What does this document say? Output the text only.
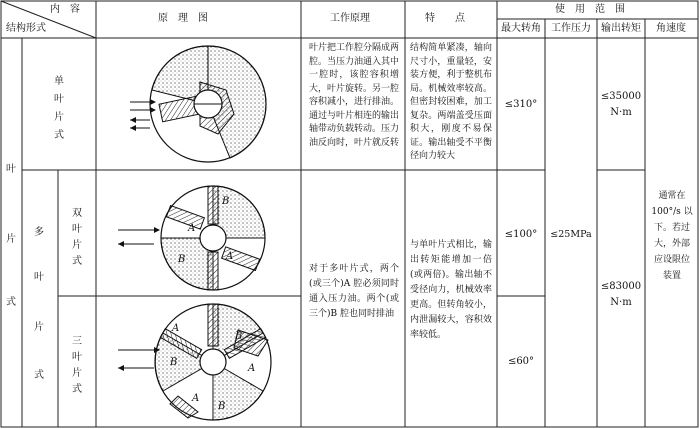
内　容
结构形式
原　理　图	工作原理	特　　点
使　用　范　围
最大转角 工作压力 输出转矩 角速度
叶
片
式
单
叶
片
式
多
叶
片
式
双
叶
片
式
三
叶
片
式
B
A
A
B
A
B
B
A
A
B
叶片把工作腔分隔成两腔。当压力油通入其中一腔时，该腔容积增大，叶片旋转。另一腔容积减小，进行排油。通过与叶片相连的输出轴带动负载转动。压力油反向时，叶片就反转
结构简单紧凑，轴向尺寸小，重量轻，安装方便，利于整机布局。机械效率较高。但密封较困难，加工复杂。两端盖受压面积大，刚度不易保证。输出轴受不平衡径向力较大
≤310°
≤35000
N·m
对于多叶片式，两个(或三个)A 腔必须同时通入压力油。两个(或三个)B 腔也同时排油
与单叶片式相比，输出转矩能增加一倍(或两倍)。输出轴不受径向力，机械效率更高。但转角较小，内泄漏较大，容积效率较低。
≤100°
≤60°
≤83000
N·m
≤25MPa
通常在100°/s 以下。若过大，外部应设限位装置
